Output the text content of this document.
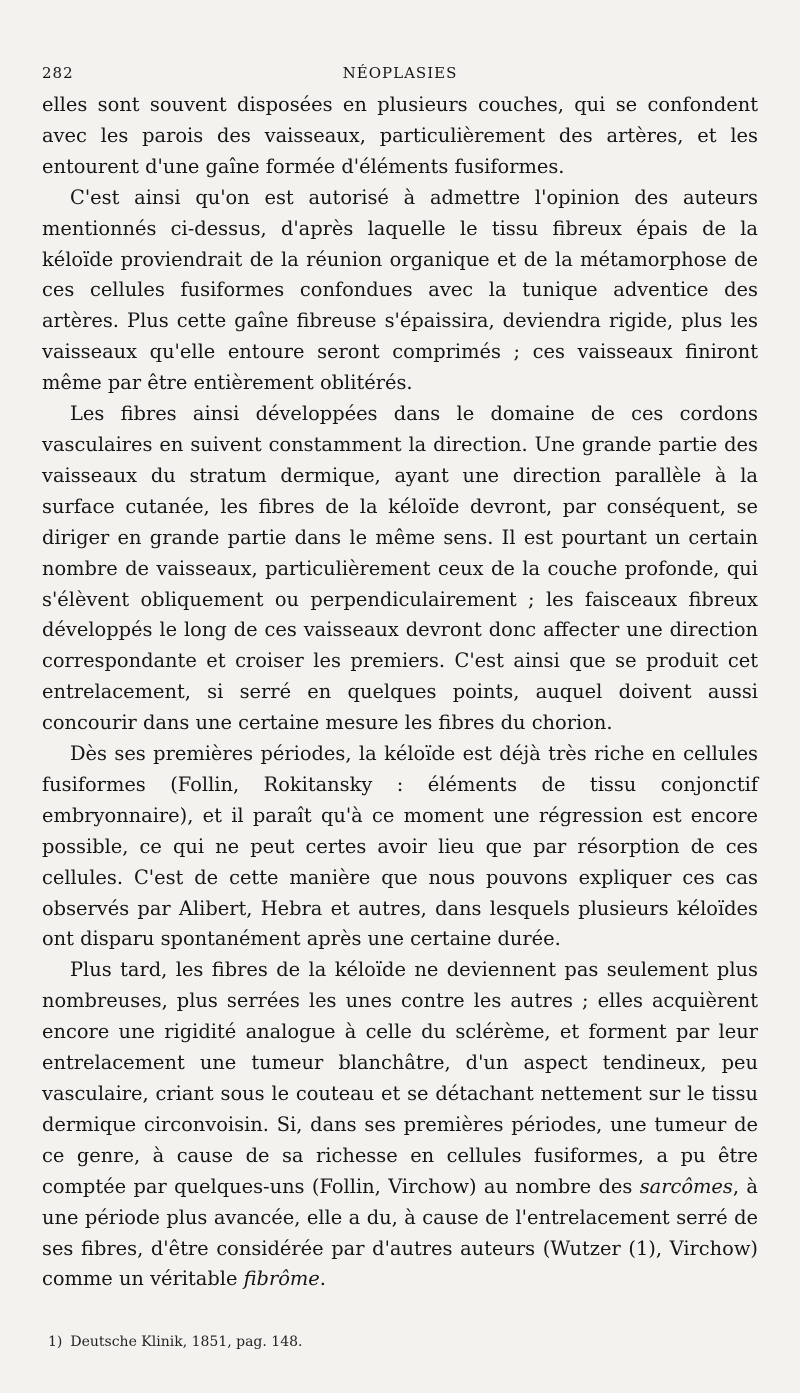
282	NÉOPLASIES

elles sont souvent disposées en plusieurs couches, qui se confondent avec les parois des vaisseaux, particulièrement des artères, et les entourent d'une gaîne formée d'éléments fusiformes.

C'est ainsi qu'on est autorisé à admettre l'opinion des auteurs mentionnés ci-dessus, d'après laquelle le tissu fibreux épais de la kéloïde proviendrait de la réunion organique et de la métamorphose de ces cellules fusiformes confondues avec la tunique adventice des artères. Plus cette gaîne fibreuse s'épaissira, deviendra rigide, plus les vaisseaux qu'elle entoure seront comprimés ; ces vaisseaux finiront même par être entièrement oblitérés.

Les fibres ainsi développées dans le domaine de ces cordons vasculaires en suivent constamment la direction. Une grande partie des vaisseaux du stratum dermique, ayant une direction parallèle à la surface cutanée, les fibres de la kéloïde devront, par conséquent, se diriger en grande partie dans le même sens. Il est pourtant un certain nombre de vaisseaux, particulièrement ceux de la couche profonde, qui s'élèvent obliquement ou perpendiculairement ; les faisceaux fibreux développés le long de ces vaisseaux devront donc affecter une direction correspondante et croiser les premiers. C'est ainsi que se produit cet entrelacement, si serré en quelques points, auquel doivent aussi concourir dans une certaine mesure les fibres du chorion.

Dès ses premières périodes, la kéloïde est déjà très riche en cellules fusiformes (Follin, Rokitansky : éléments de tissu conjonctif embryonnaire), et il paraît qu'à ce moment une régression est encore possible, ce qui ne peut certes avoir lieu que par résorption de ces cellules. C'est de cette manière que nous pouvons expliquer ces cas observés par Alibert, Hebra et autres, dans lesquels plusieurs kéloïdes ont disparu spontanément après une certaine durée.

Plus tard, les fibres de la kéloïde ne deviennent pas seulement plus nombreuses, plus serrées les unes contre les autres ; elles acquièrent encore une rigidité analogue à celle du sclérème, et forment par leur entrelacement une tumeur blanchâtre, d'un aspect tendineux, peu vasculaire, criant sous le couteau et se détachant nettement sur le tissu dermique circonvoisin. Si, dans ses premières périodes, une tumeur de ce genre, à cause de sa richesse en cellules fusiformes, a pu être comptée par quelques-uns (Follin, Virchow) au nombre des sarcômes, à une période plus avancée, elle a du, à cause de l'entrelacement serré de ses fibres, d'être considérée par d'autres auteurs (Wutzer (1), Virchow) comme un véritable fibrôme.

1) Deutsche Klinik, 1851, pag. 148.
